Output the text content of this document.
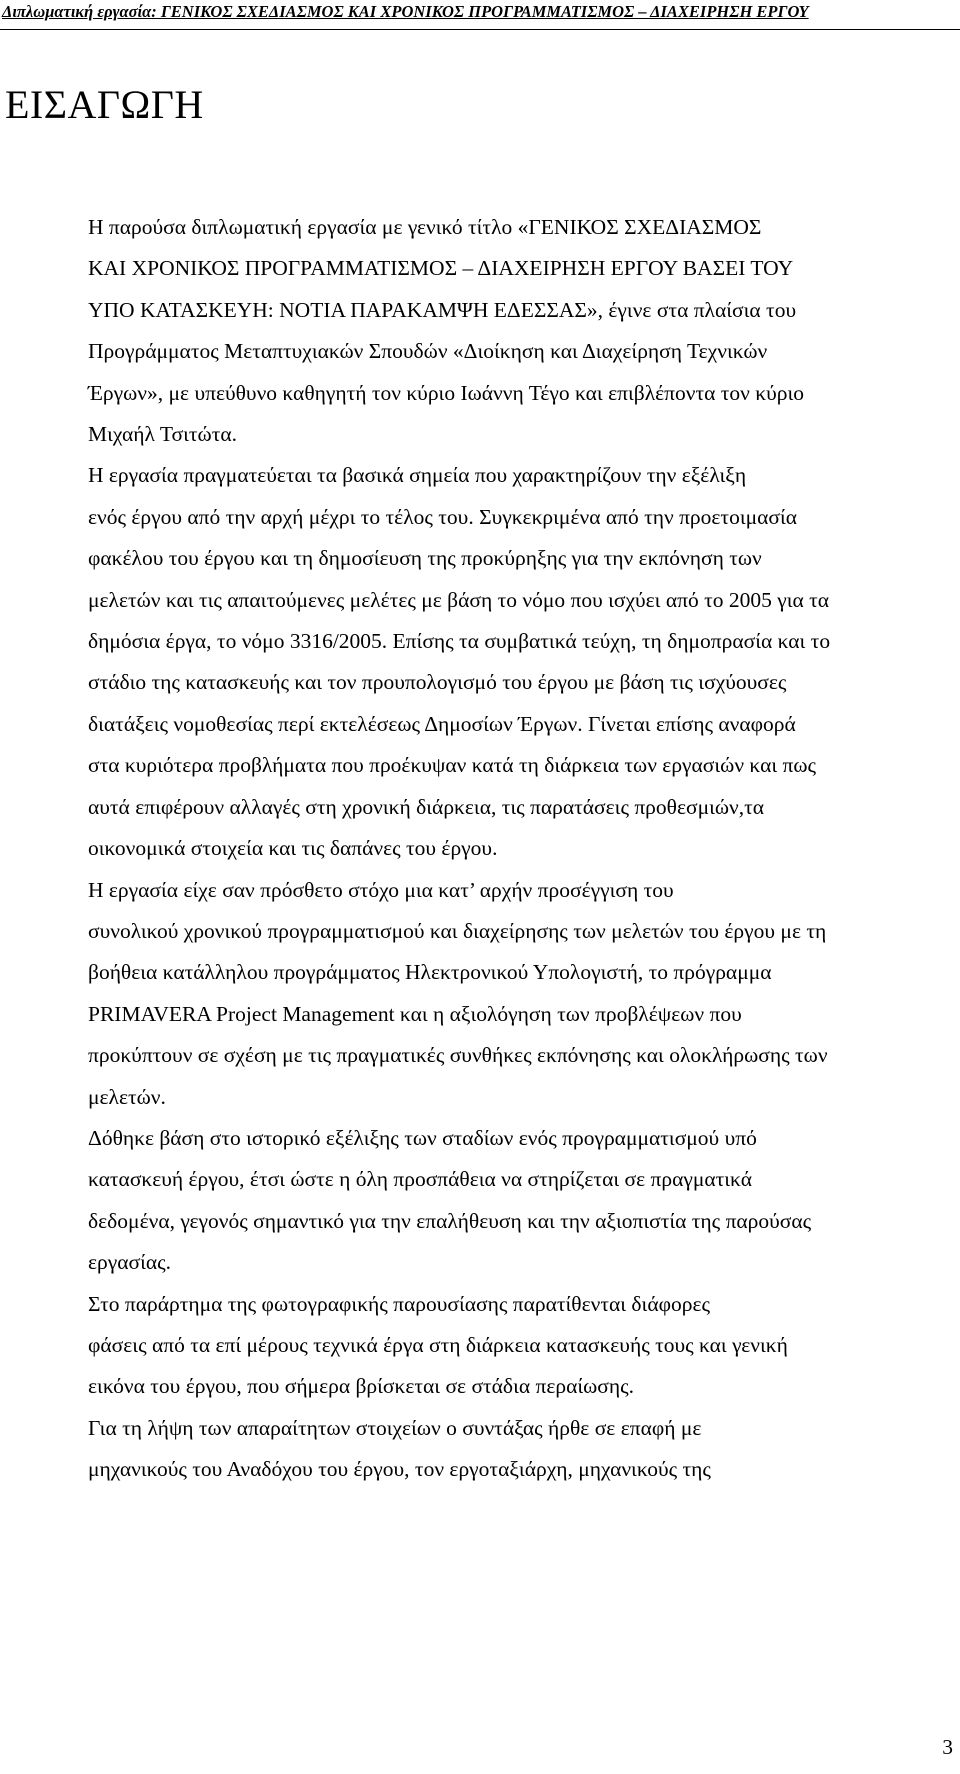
Διπλωματική εργασία: ΓΕΝΙΚΟΣ ΣΧΕΔΙΑΣΜΟΣ ΚΑΙ ΧΡΟΝΙΚΟΣ ΠΡΟΓΡΑΜΜΑΤΙΣΜΟΣ – ΔΙΑΧΕΙΡΗΣΗ ΕΡΓΟΥ
ΕΙΣΑΓΩΓΗ

Η παρούσα διπλωματική εργασία με γενικό τίτλο «ΓΕΝΙΚΟΣ ΣΧΕΔΙΑΣΜΟΣ
ΚΑΙ ΧΡΟΝΙΚΟΣ ΠΡΟΓΡΑΜΜΑΤΙΣΜΟΣ – ΔΙΑΧΕΙΡΗΣΗ ΕΡΓΟΥ ΒΑΣΕΙ ΤΟΥ
ΥΠΟ ΚΑΤΑΣΚΕΥΗ: ΝΟΤΙΑ ΠΑΡΑΚΑΜΨΗ ΕΔΕΣΣΑΣ», έγινε στα πλαίσια του
Προγράμματος Μεταπτυχιακών Σπουδών «Διοίκηση και Διαχείρηση Τεχνικών
Έργων», με υπεύθυνο καθηγητή τον κύριο Ιωάννη Τέγο και επιβλέποντα τον κύριο
Μιχαήλ Τσιτώτα.

Η εργασία πραγματεύεται τα βασικά σημεία που χαρακτηρίζουν την εξέλιξη
ενός έργου από την αρχή μέχρι το τέλος του. Συγκεκριμένα από την προετοιμασία
φακέλου του έργου και τη δημοσίευση της προκύρηξης για την εκπόνηση των
μελετών και τις απαιτούμενες μελέτες με βάση το νόμο που ισχύει από το 2005 για τα
δημόσια έργα, το νόμο 3316/2005. Επίσης τα συμβατικά τεύχη, τη δημοπρασία και το
στάδιο της κατασκευής και τον προυπολογισμό του έργου με βάση τις ισχύουσες
διατάξεις νομοθεσίας περί εκτελέσεως Δημοσίων Έργων. Γίνεται επίσης αναφορά
στα κυριότερα προβλήματα που προέκυψαν κατά τη διάρκεια των εργασιών και πως
αυτά επιφέρουν αλλαγές στη χρονική διάρκεια, τις παρατάσεις προθεσμιών,τα
οικονομικά στοιχεία και τις δαπάνες του έργου.

Η εργασία είχε σαν πρόσθετο στόχο μια κατ’ αρχήν προσέγγιση του
συνολικού χρονικού προγραμματισμού και διαχείρησης των μελετών του έργου με τη
βοήθεια κατάλληλου προγράμματος Ηλεκτρονικού Υπολογιστή, το πρόγραμμα
PRIMAVERA Project Management και η αξιολόγηση των προβλέψεων που
προκύπτουν σε σχέση με τις πραγματικές συνθήκες εκπόνησης και ολοκλήρωσης των
μελετών.

Δόθηκε βάση στο ιστορικό εξέλιξης των σταδίων ενός προγραμματισμού υπό
κατασκευή έργου, έτσι ώστε η όλη προσπάθεια να στηρίζεται σε πραγματικά
δεδομένα, γεγονός σημαντικό για την επαλήθευση και την αξιοπιστία της παρούσας
εργασίας.

Στο παράρτημα της φωτογραφικής παρουσίασης παρατίθενται διάφορες
φάσεις από τα επί μέρους τεχνικά έργα στη διάρκεια κατασκευής τους και γενική
εικόνα του έργου, που σήμερα βρίσκεται σε στάδια περαίωσης.

Για τη λήψη των απαραίτητων στοιχείων ο συντάξας ήρθε σε επαφή με
μηχανικούς του Αναδόχου του έργου, τον εργοταξιάρχη, μηχανικούς της

3
